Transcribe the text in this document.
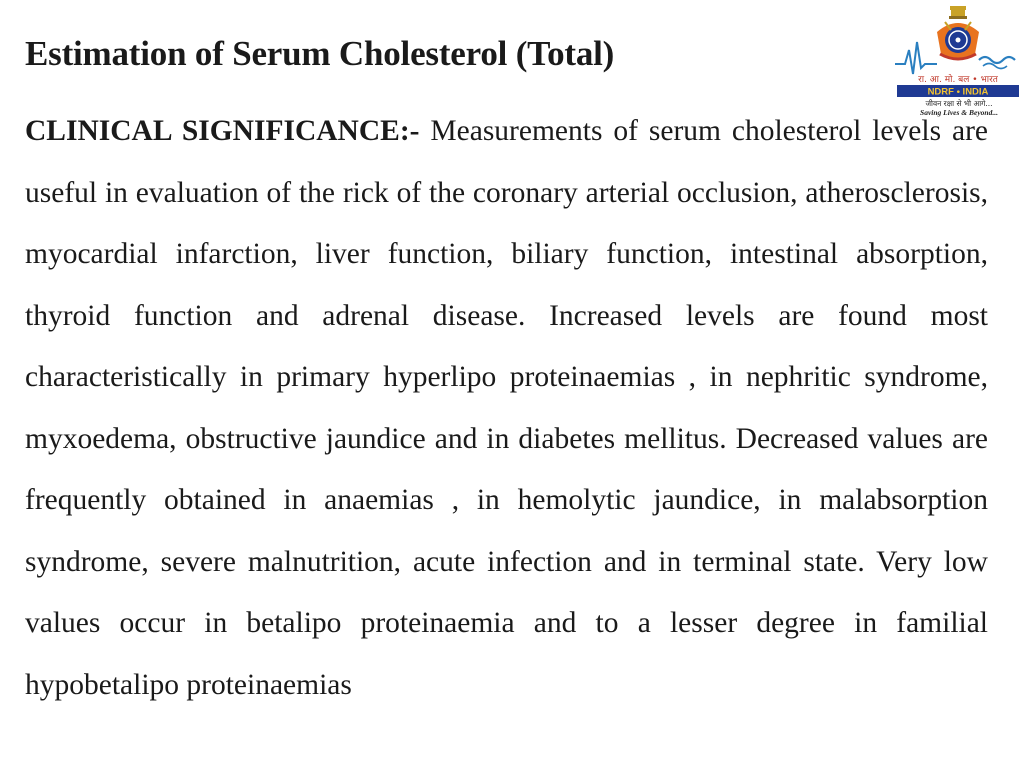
Estimation of Serum Cholesterol (Total)
रा. आ. मो. बल • भारत
NDRF • INDIA
जीवन रक्षा से भी आगे...
Saving Lives & Beyond...

CLINICAL SIGNIFICANCE:- Measurements of serum cholesterol levels are useful in evaluation of the rick of the coronary arterial occlusion, atherosclerosis, myocardial infarction, liver function, biliary function, intestinal absorption, thyroid function and adrenal disease. Increased levels are found most characteristically in primary hyperlipo proteinaemias , in nephritic syndrome, myxoedema, obstructive jaundice and in diabetes mellitus. Decreased values are frequently obtained in anaemias , in hemolytic jaundice, in malabsorption syndrome, severe malnutrition, acute infection and in terminal state. Very low values occur in betalipo proteinaemia and to a lesser degree in familial hypobetalipo proteinaemias
